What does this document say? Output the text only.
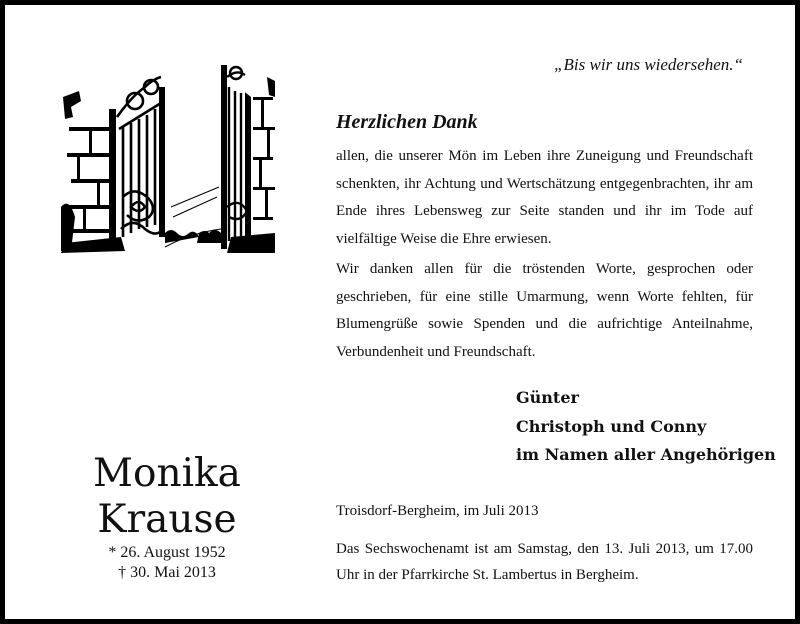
„Bis wir uns wiedersehen.“
Herzlichen Dank
allen, die unserer Mön im Leben ihre Zuneigung und Freundschaft schenkten, ihr Achtung und Wertschätzung entgegenbrachten, ihr am Ende ihres Lebensweg zur Seite standen und ihr im Tode auf vielfältige Weise die Ehre erwiesen.
Wir danken allen für die tröstenden Worte, gesprochen oder geschrieben, für eine stille Umarmung, wenn Worte fehlten, für Blumengrüße sowie Spenden und die aufrichtige Anteilnahme, Verbundenheit und Freundschaft.
Günter
Christoph und Conny
im Namen aller Angehörigen
Monika
Krause
* 26. August 1952
† 30. Mai 2013
Troisdorf-Bergheim, im Juli 2013
Das Sechswochenamt ist am Samstag, den 13. Juli 2013, um 17.00 Uhr in der Pfarrkirche St. Lambertus in Bergheim.
